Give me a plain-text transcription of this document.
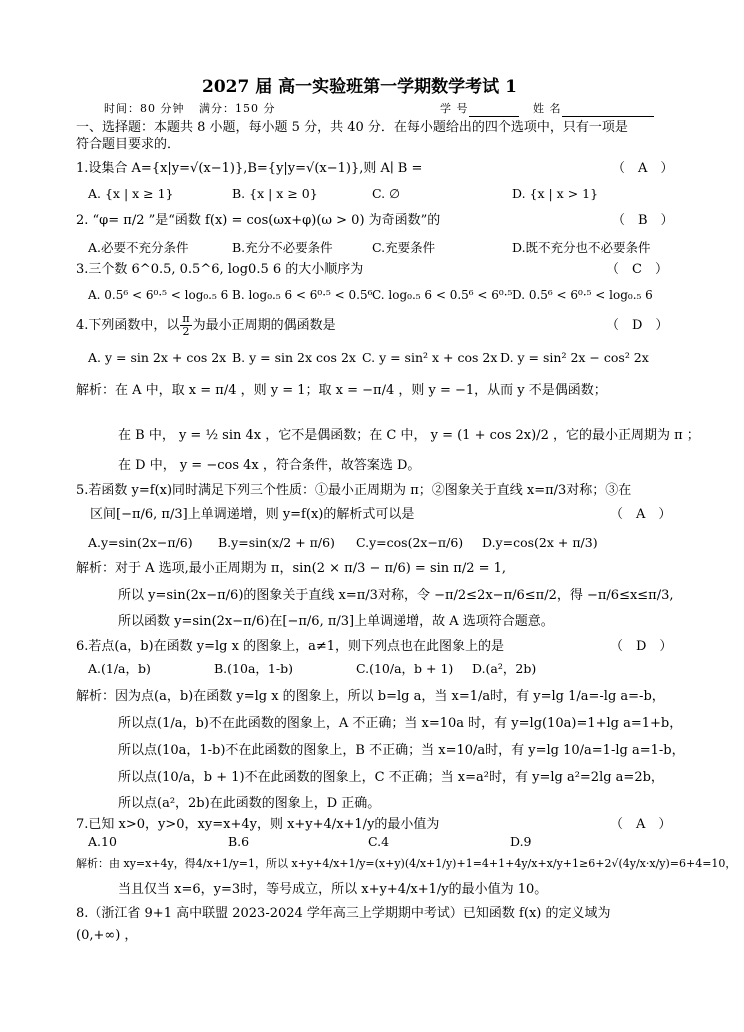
2027 届 高一实验班第一学期数学考试 1
时间：80 分钟 满分：150 分	学 号	姓 名
一、选择题：本题共 8 小题，每小题 5 分，共 40 分．在每小题给出的四个选项中，只有一项是
符合题目要求的．
1.设集合 A={x|y=√(x−1)},B={y|y=√(x−1)},则 A∣ B =	（　A　）
A. {x | x ≥ 1}	B. {x | x ≥ 0}	C. ∅	D. {x | x > 1}
2. “φ= π/2 ”是“函数 f(x) = cos(ωx+φ)(ω > 0) 为奇函数”的	（　B　）
A.必要不充分条件	B.充分不必要条件	C.充要条件	D.既不充分也不必要条件
3.三个数 6^0.5, 0.5^6, log0.5 6 的大小顺序为	（　C　）
A. 0.5⁶ < 6⁰·⁵ < log₀.₅ 6 B. log₀.₅ 6 < 6⁰·⁵ < 0.5⁶ C. log₀.₅ 6 < 0.5⁶ < 6⁰·⁵ D. 0.5⁶ < 6⁰·⁵ < log₀.₅ 6
4.下列函数中，以 $\frac{\pi}{2}$ 为最小正周期的偶函数是	（　D　）
A. y = sin 2x + cos 2x B. y = sin 2x cos 2x C. y = sin² x + cos 2x D. y = sin² 2x − cos² 2x
解析：在 A 中，取 x = π/4 ，则 y = 1；取 x = −π/4 ，则 y = −1，从而 y 不是偶函数；
在 B 中， y = ½ sin 4x ，它不是偶函数；在 C 中， y = (1 + cos 2x)/2 ，它的最小正周期为 π ；
在 D 中， y = −cos 4x ，符合条件，故答案选 D。
5.若函数 y=f(x)同时满足下列三个性质：①最小正周期为 π；②图象关于直线 x=π/3对称；③在
区间[−π/6, π/3]上单调递增，则 y=f(x)的解析式可以是	（　A　）
A.y=sin(2x−π/6) B.y=sin(x/2 + π/6) C.y=cos(2x−π/6) D.y=cos(2x + π/3)
解析：对于 A 选项,最小正周期为 π，sin(2 × π/3 − π/6) = sin π/2 = 1,
所以 y=sin(2x−π/6)的图象关于直线 x=π/3对称，令 −π/2≤2x−π/6≤π/2，得 −π/6≤x≤π/3,
所以函数 y=sin(2x−π/6)在[−π/6, π/3]上单调递增，故 A 选项符合题意。
6.若点(a，b)在函数 y=lg x 的图象上，a≠1，则下列点也在此图象上的是	（　D　）
A.(1/a，b)	B.(10a，1-b)	C.(10/a，b + 1) D.(a²，2b)
解析：因为点(a，b)在函数 y=lg x 的图象上，所以 b=lg a，当 x=1/a时，有 y=lg 1/a=-lg a=-b，
所以点(1/a，b)不在此函数的图象上，A 不正确；当 x=10a 时，有 y=lg(10a)=1+lg a=1+b，
所以点(10a，1-b)不在此函数的图象上，B 不正确；当 x=10/a时，有 y=lg 10/a=1-lg a=1-b，
所以点(10/a，b + 1)不在此函数的图象上，C 不正确；当 x=a²时，有 y=lg a²=2lg a=2b，
所以点(a²，2b)在此函数的图象上，D 正确。
7.已知 x>0，y>0，xy=x+4y，则 x+y+4/x+1/y的最小值为	（　A　）
A.10	B.6	C.4	D.9
解析：由 xy=x+4y，得4/x+1/y=1，所以 x+y+4/x+1/y=(x+y)(4/x+1/y)+1=4+1+4y/x+x/y+1≥6+2√(4y/x·x/y)=6+4=10，
当且仅当 x=6，y=3时，等号成立，所以 x+y+4/x+1/y的最小值为 10。
8.（浙江省 9+1 高中联盟 2023-2024 学年高三上学期期中考试）已知函数 f(x) 的定义域为
(0,+∞) ，
